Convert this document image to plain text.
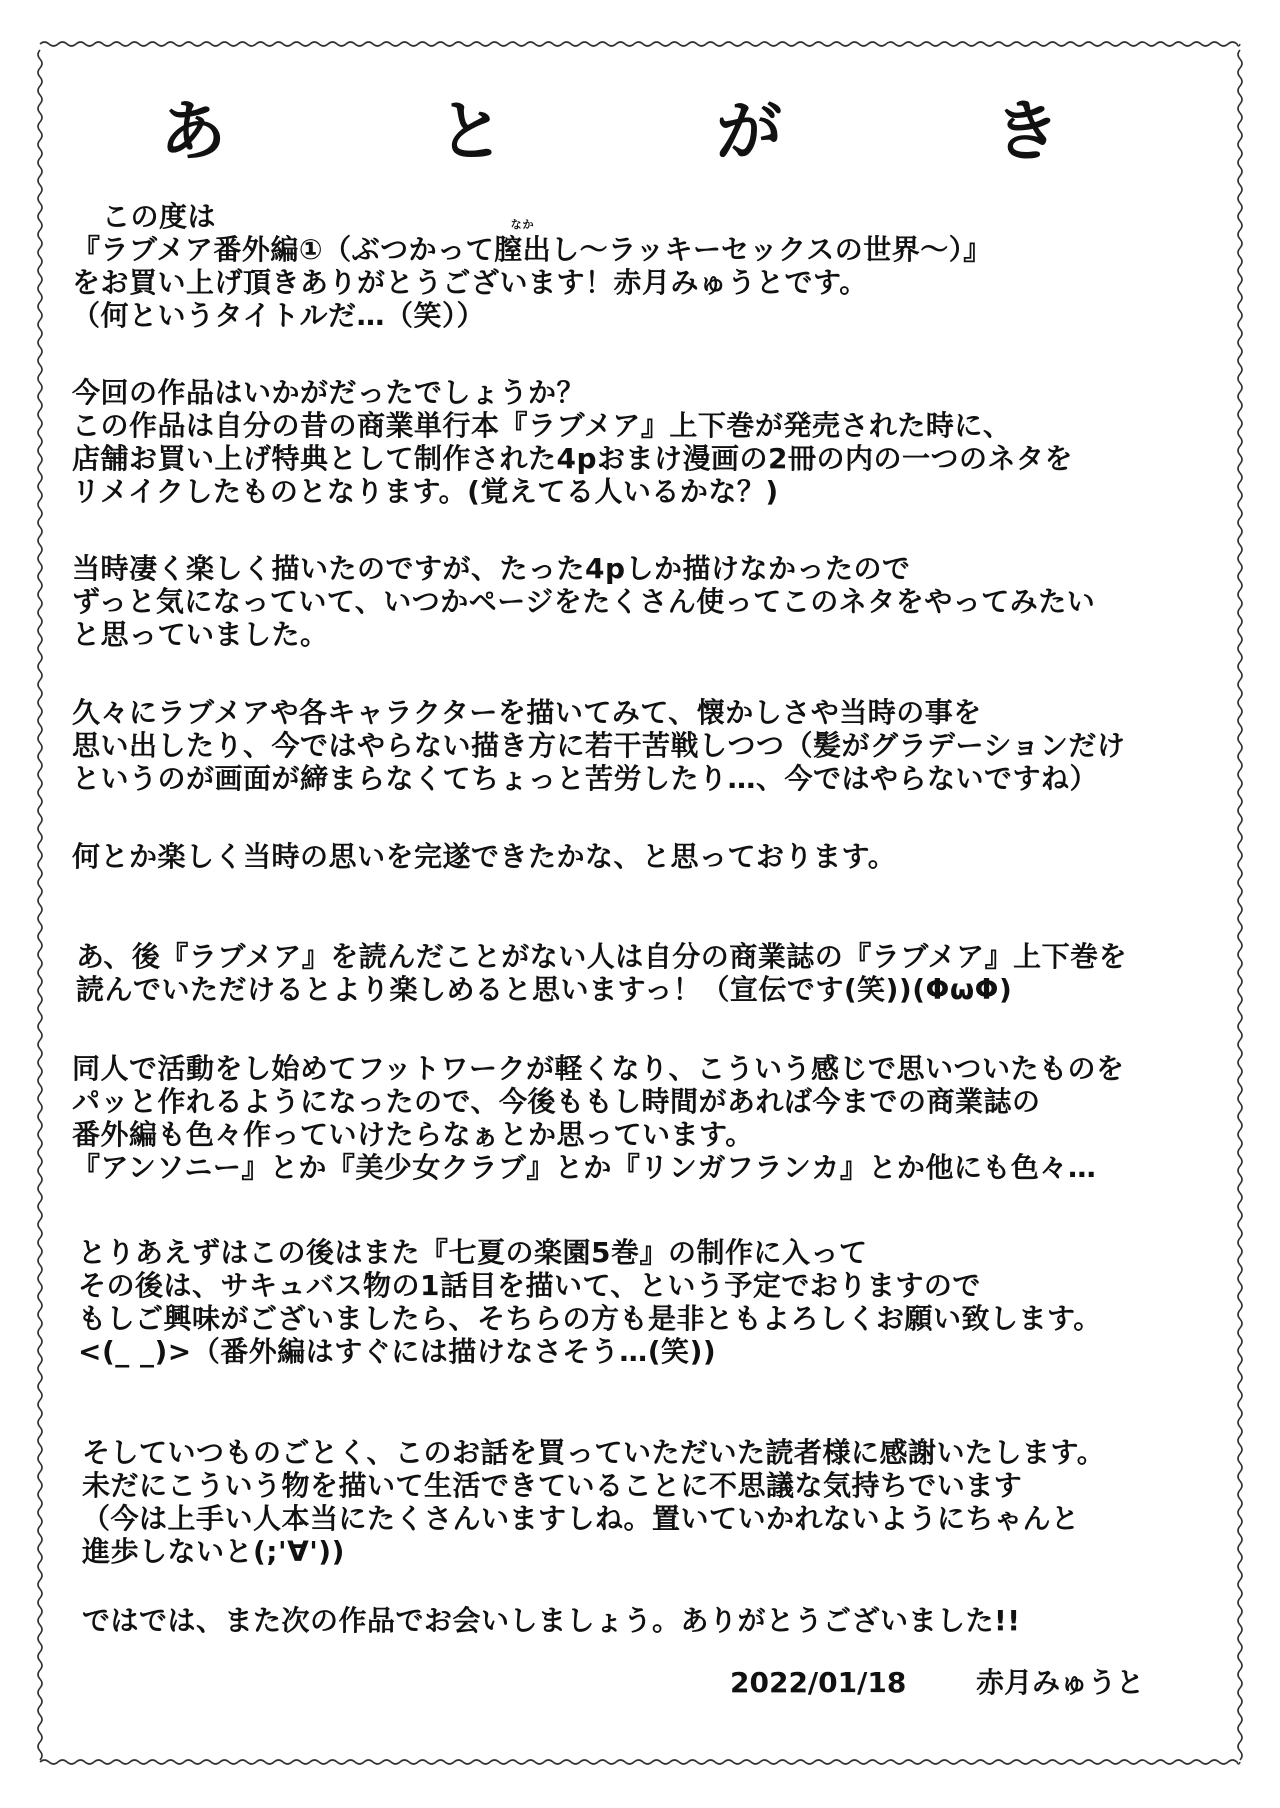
あ	と	が	き
この度は
『ラブメア番外編①（ぶつかって
なか
膣出し～ラッキーセックスの世界～）』
をお買い上げ頂きありがとうございます！赤月みゅうとです。
（何というタイトルだ…（笑））
今回の作品はいかがだったでしょうか？
この作品は自分の昔の商業単行本『ラブメア』上下巻が発売された時に、
店舗お買い上げ特典として制作された4pおまけ漫画の2冊の内の一つのネタを
リメイクしたものとなります。(覚えてる人いるかな？)
当時凄く楽しく描いたのですが、たった4pしか描けなかったので
ずっと気になっていて、いつかページをたくさん使ってこのネタをやってみたい
と思っていました。
久々にラブメアや各キャラクターを描いてみて、懐かしさや当時の事を
思い出したり、今ではやらない描き方に若干苦戦しつつ（髪がグラデーションだけ
というのが画面が締まらなくてちょっと苦労したり…、今ではやらないですね）
何とか楽しく当時の思いを完遂できたかな、と思っております。
あ、後『ラブメア』を読んだことがない人は自分の商業誌の『ラブメア』上下巻を
読んでいただけるとより楽しめると思いますっ！（宣伝です(笑))(ΦωΦ)
同人で活動をし始めてフットワークが軽くなり、こういう感じで思いついたものを
パッと作れるようになったので、今後ももし時間があれば今までの商業誌の
番外編も色々作っていけたらなぁとか思っています。
『アンソニー』とか『美少女クラブ』とか『リンガフランカ』とか他にも色々…
とりあえずはこの後はまた『七夏の楽園5巻』の制作に入って
その後は、サキュバス物の1話目を描いて、という予定でおりますので
もしご興味がございましたら、そちらの方も是非ともよろしくお願い致します。
<(_ _)>（番外編はすぐには描けなさそう…(笑))
そしていつものごとく、このお話を買っていただいた読者様に感謝いたします。
未だにこういう物を描いて生活できていることに不思議な気持ちでいます
（今は上手い人本当にたくさんいますしね。置いていかれないようにちゃんと
進歩しないと(;'∀'))
ではでは、また次の作品でお会いしましょう。ありがとうございました!!
2022/01/18 赤月みゅうと
